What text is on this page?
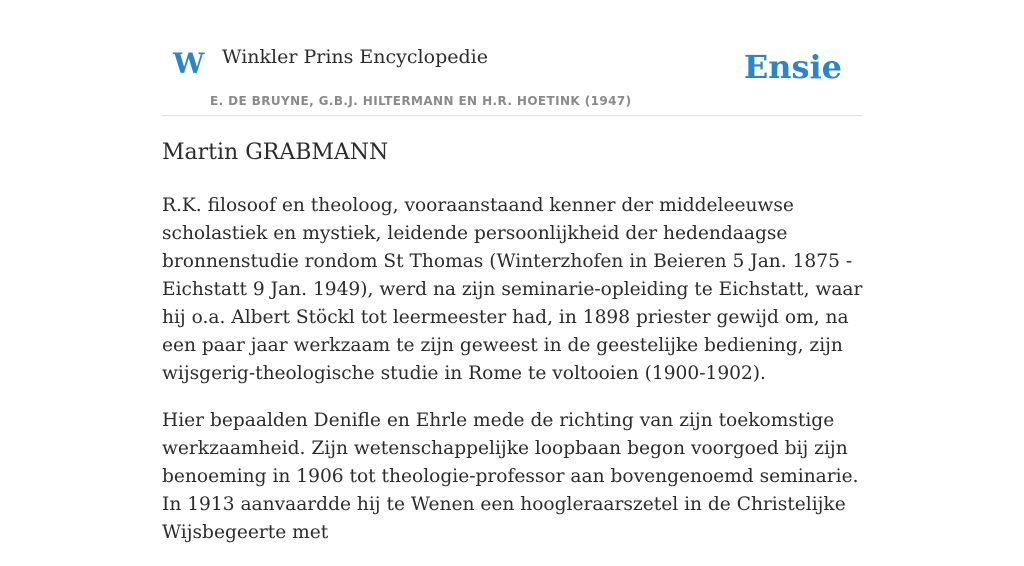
W Winkler Prins Encyclopedie
E. DE BRUYNE, G.B.J. HILTERMANN EN H.R. HOETINK (1947)
Ensie
Martin GRABMANN

R.K. filosoof en theoloog, vooraanstaand kenner der middeleeuwse scholastiek en mystiek, leidende persoonlijkheid der hedendaagse bronnenstudie rondom St Thomas (Winterzhofen in Beieren 5 Jan. 1875 - Eichstatt 9 Jan. 1949), werd na zijn seminarie-opleiding te Eichstatt, waar hij o.a. Albert Stöckl tot leermeester had, in 1898 priester gewijd om, na een paar jaar werkzaam te zijn geweest in de geestelijke bediening, zijn wijsgerig-theologische studie in Rome te voltooien (1900-1902).

Hier bepaalden Denifle en Ehrle mede de richting van zijn toekomstige werkzaamheid. Zijn wetenschappelijke loopbaan begon voorgoed bij zijn benoeming in 1906 tot theologie-professor aan bovengenoemd seminarie. In 1913 aanvaardde hij te Wenen een hoogleraarszetel in de Christelijke Wijsbegeerte met
